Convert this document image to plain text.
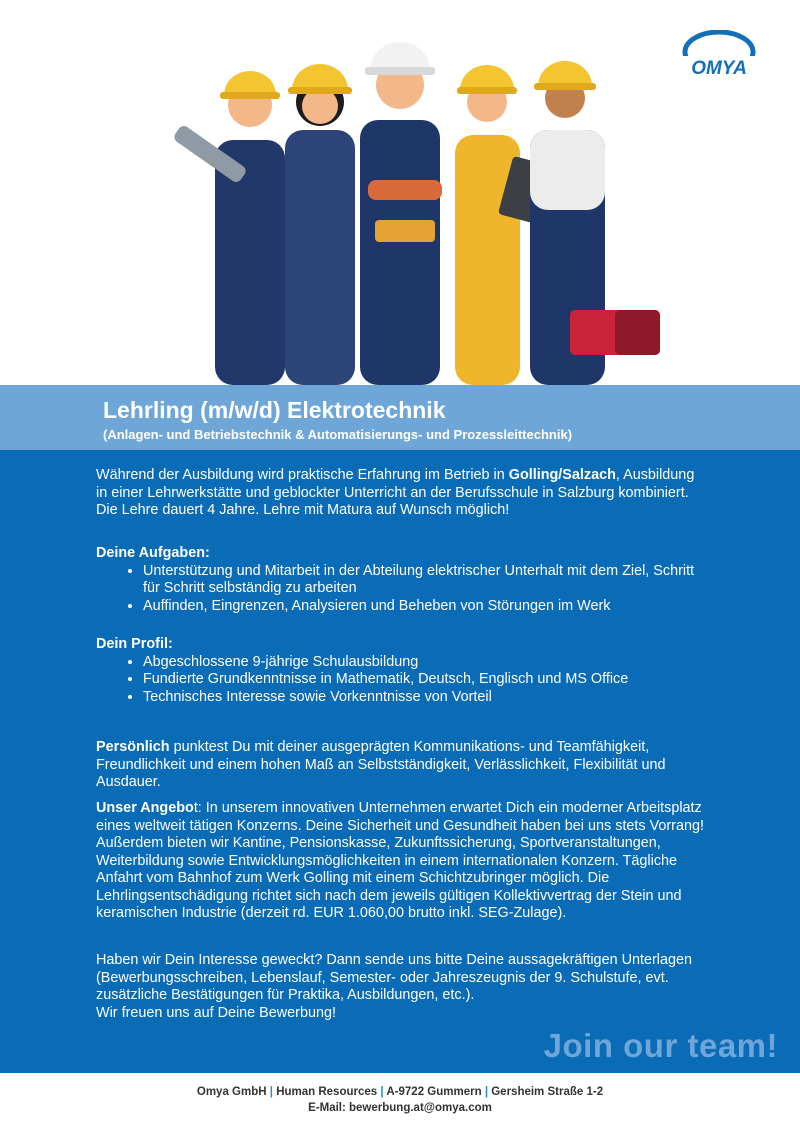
OMYA
Lehrling (m/w/d) Elektrotechnik

(Anlagen- und Betriebstechnik & Automatisierungs- und Prozessleittechnik)

Während der Ausbildung wird praktische Erfahrung im Betrieb in Golling/Salzach, Ausbildung in einer Lehrwerkstätte und geblockter Unterricht an der Berufsschule in Salzburg kombiniert. Die Lehre dauert 4 Jahre. Lehre mit Matura auf Wunsch möglich!

Deine Aufgaben:
• Unterstützung und Mitarbeit in der Abteilung elektrischer Unterhalt mit dem Ziel, Schritt für Schritt selbständig zu arbeiten
• Auffinden, Eingrenzen, Analysieren und Beheben von Störungen im Werk
Dein Profil:
• Abgeschlossene 9-jährige Schulausbildung
• Fundierte Grundkenntnisse in Mathematik, Deutsch, Englisch und MS Office
• Technisches Interesse sowie Vorkenntnisse von Vorteil

Persönlich punktest Du mit deiner ausgeprägten Kommunikations- und Teamfähigkeit, Freundlichkeit und einem hohen Maß an Selbstständigkeit, Verlässlichkeit, Flexibilität und Ausdauer.

Unser Angebot: In unserem innovativen Unternehmen erwartet Dich ein moderner Arbeitsplatz eines weltweit tätigen Konzerns. Deine Sicherheit und Gesundheit haben bei uns stets Vorrang! Außerdem bieten wir Kantine, Pensionskasse, Zukunftssicherung, Sportveranstaltungen, Weiterbildung sowie Entwicklungsmöglichkeiten in einem internationalen Konzern. Tägliche Anfahrt vom Bahnhof zum Werk Golling mit einem Schichtzubringer möglich. Die Lehrlingsentschädigung richtet sich nach dem jeweils gültigen Kollektivvertrag der Stein und keramischen Industrie (derzeit rd. EUR 1.060,00 brutto inkl. SEG-Zulage).

Haben wir Dein Interesse geweckt? Dann sende uns bitte Deine aussagekräftigen Unterlagen (Bewerbungsschreiben, Lebenslauf, Semester- oder Jahreszeugnis der 9. Schulstufe, evt. zusätzliche Bestätigungen für Praktika, Ausbildungen, etc.).
Wir freuen uns auf Deine Bewerbung!

Join our team!
Omya GmbH | Human Resources | A-9722 Gummern | Gersheim Straße 1-2
E-Mail: bewerbung.at@omya.com
